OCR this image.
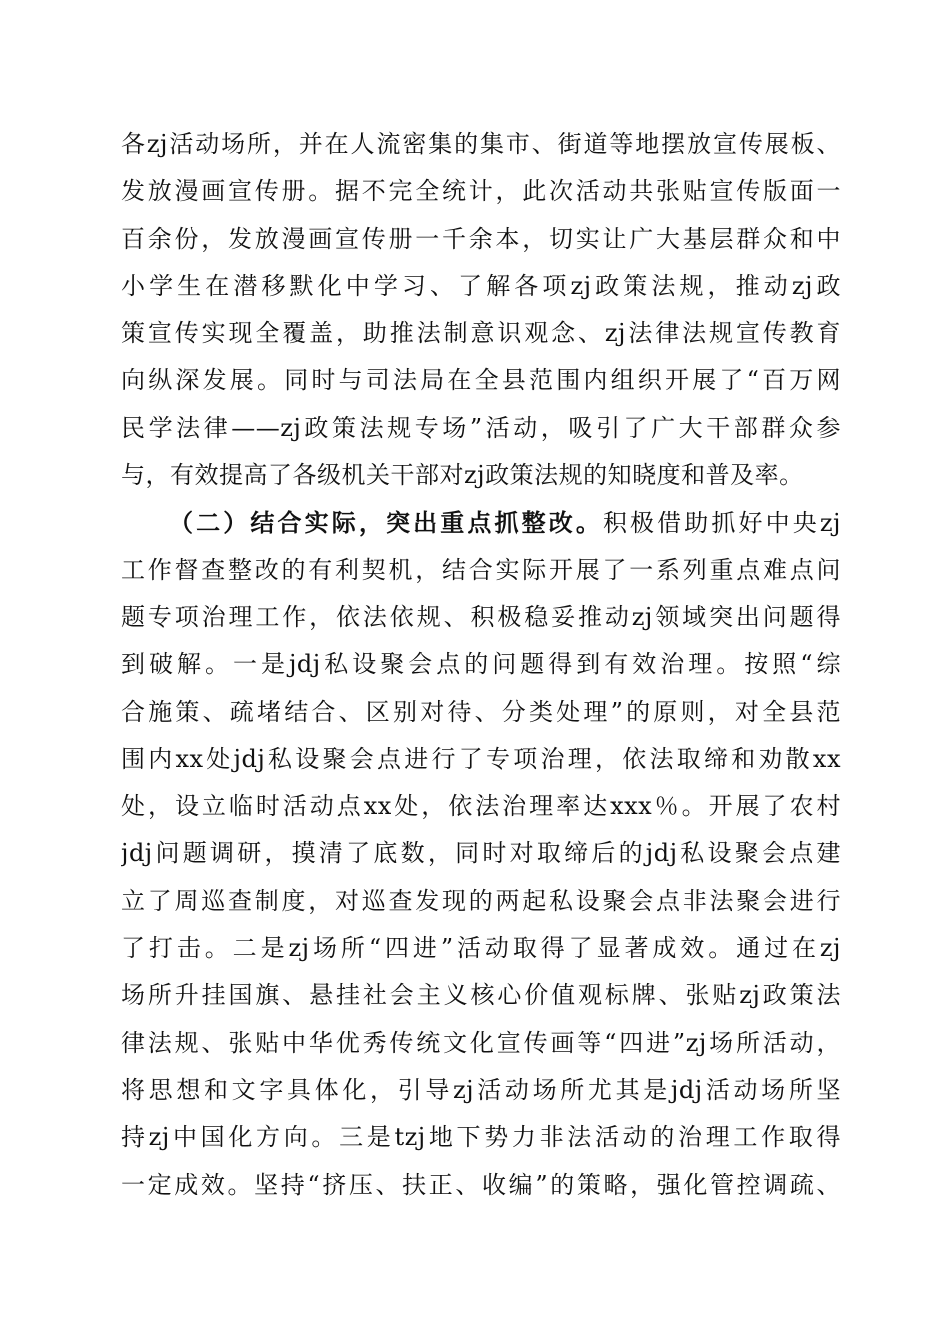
各zj活动场所，并在人流密集的集市、街道等地摆放宣传展板、
发放漫画宣传册。据不完全统计，此次活动共张贴宣传版面一
百余份，发放漫画宣传册一千余本，切实让广大基层群众和中
小学生在潜移默化中学习、了解各项zj政策法规，推动zj政
策宣传实现全覆盖，助推法制意识观念、zj法律法规宣传教育
向纵深发展。同时与司法局在全县范围内组织开展了“百万网
民学法律——zj政策法规专场”活动，吸引了广大干部群众参
与，有效提高了各级机关干部对zj政策法规的知晓度和普及率。
（二）结合实际，突出重点抓整改。积极借助抓好中央zj
工作督查整改的有利契机，结合实际开展了一系列重点难点问
题专项治理工作，依法依规、积极稳妥推动zj领域突出问题得
到破解。一是jdj私设聚会点的问题得到有效治理。按照“综
合施策、疏堵结合、区别对待、分类处理”的原则，对全县范
围内xx处jdj私设聚会点进行了专项治理，依法取缔和劝散xx
处，设立临时活动点xx处，依法治理率达xxx％。开展了农村
jdj问题调研，摸清了底数，同时对取缔后的jdj私设聚会点建
立了周巡查制度，对巡查发现的两起私设聚会点非法聚会进行
了打击。二是zj场所“四进”活动取得了显著成效。通过在zj
场所升挂国旗、悬挂社会主义核心价值观标牌、张贴zj政策法
律法规、张贴中华优秀传统文化宣传画等“四进”zj场所活动，
将思想和文字具体化，引导zj活动场所尤其是jdj活动场所坚
持zj中国化方向。三是tzj地下势力非法活动的治理工作取得
一定成效。坚持“挤压、扶正、收编”的策略，强化管控调疏、
